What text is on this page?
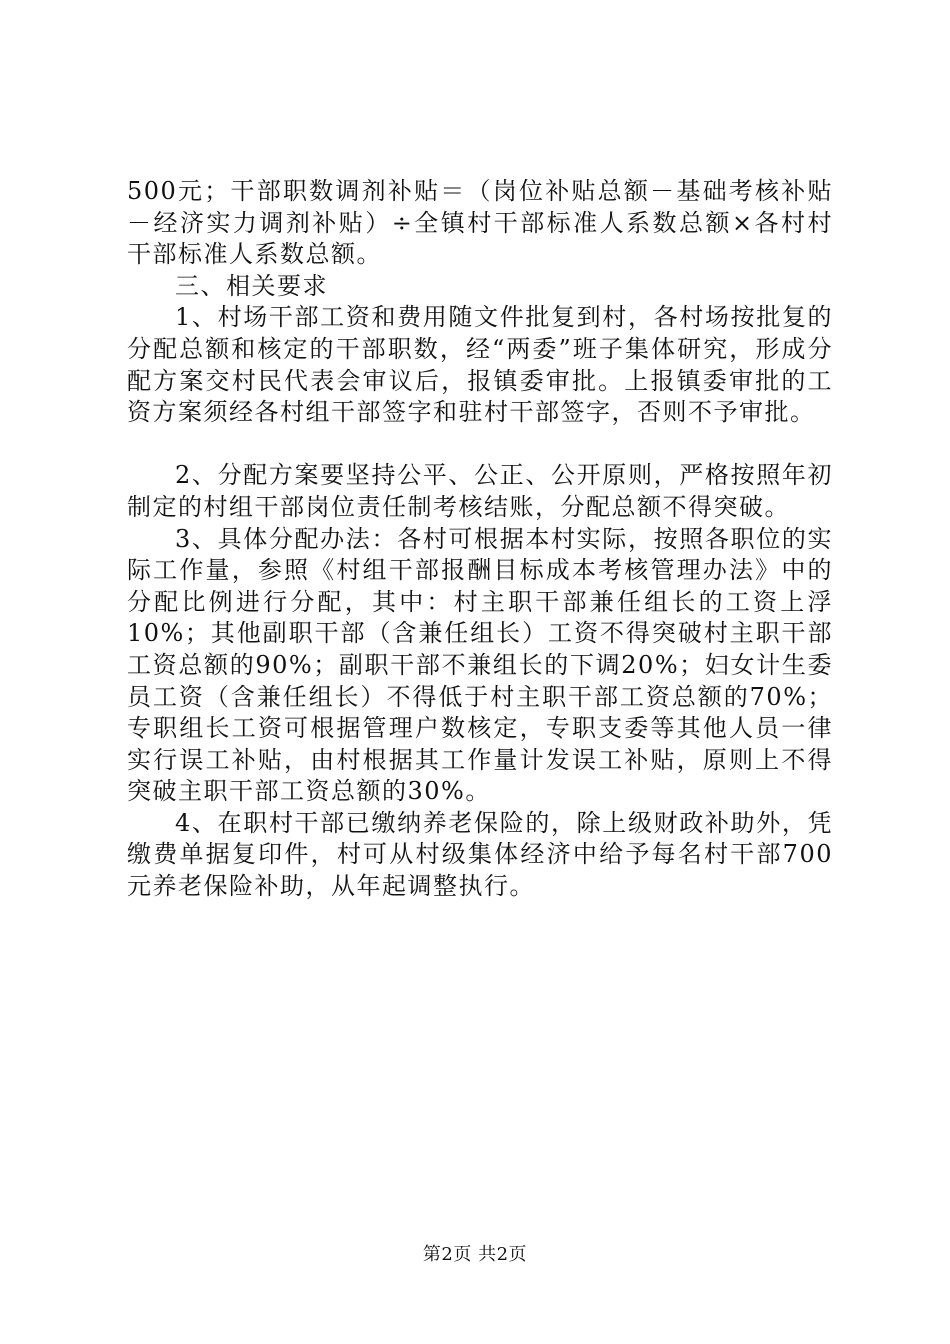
500元；干部职数调剂补贴＝（岗位补贴总额－基础考核补贴－经济实力调剂补贴）÷全镇村干部标准人系数总额×各村村干部标准人系数总额。

三、相关要求

1、村场干部工资和费用随文件批复到村，各村场按批复的分配总额和核定的干部职数，经“两委”班子集体研究，形成分配方案交村民代表会审议后，报镇委审批。上报镇委审批的工资方案须经各村组干部签字和驻村干部签字，否则不予审批。

2、分配方案要坚持公平、公正、公开原则，严格按照年初制定的村组干部岗位责任制考核结账，分配总额不得突破。

3、具体分配办法：各村可根据本村实际，按照各职位的实际工作量，参照《村组干部报酬目标成本考核管理办法》中的分配比例进行分配，其中：村主职干部兼任组长的工资上浮10%；其他副职干部（含兼任组长）工资不得突破村主职干部工资总额的90%；副职干部不兼组长的下调20%；妇女计生委员工资（含兼任组长）不得低于村主职干部工资总额的70%；专职组长工资可根据管理户数核定，专职支委等其他人员一律实行误工补贴，由村根据其工作量计发误工补贴，原则上不得突破主职干部工资总额的30%。

4、在职村干部已缴纳养老保险的，除上级财政补助外，凭缴费单据复印件，村可从村级集体经济中给予每名村干部700元养老保险补助，从年起调整执行。

第2页 共2页
